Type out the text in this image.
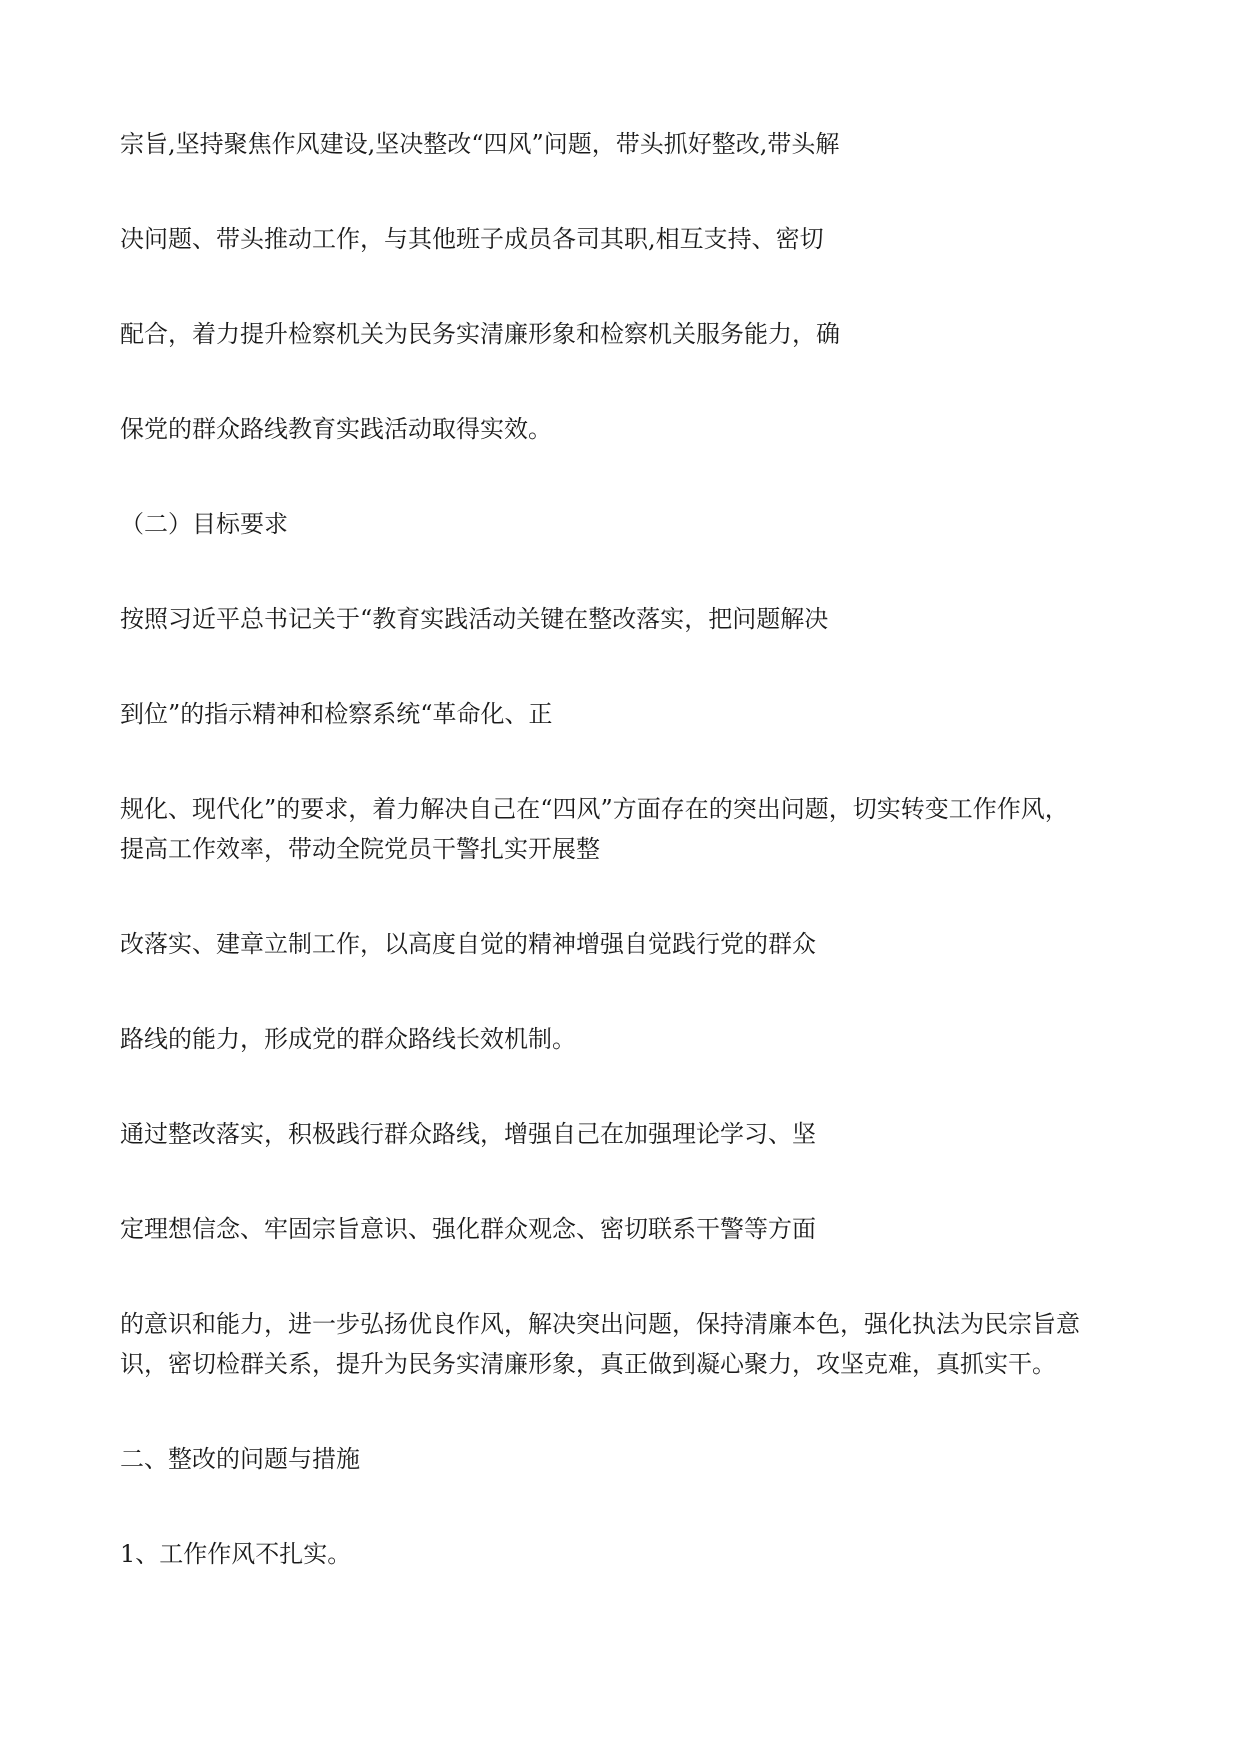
宗旨,坚持聚焦作风建设,坚决整改“四风”问题，带头抓好整改,带头解

决问题、带头推动工作，与其他班子成员各司其职,相互支持、密切

配合，着力提升检察机关为民务实清廉形象和检察机关服务能力，确

保党的群众路线教育实践活动取得实效。

（二）目标要求

按照习近平总书记关于“教育实践活动关键在整改落实，把问题解决

到位”的指示精神和检察系统“革命化、正

规化、现代化”的要求，着力解决自己在“四风”方面存在的突出问题，切实转变工作作风，

提高工作效率，带动全院党员干警扎实开展整

改落实、建章立制工作，以高度自觉的精神增强自觉践行党的群众

路线的能力，形成党的群众路线长效机制。

通过整改落实，积极践行群众路线，增强自己在加强理论学习、坚

定理想信念、牢固宗旨意识、强化群众观念、密切联系干警等方面

的意识和能力，进一步弘扬优良作风，解决突出问题，保持清廉本色，强化执法为民宗旨意

识，密切检群关系，提升为民务实清廉形象，真正做到凝心聚力，攻坚克难，真抓实干。

二、整改的问题与措施

1、工作作风不扎实。
